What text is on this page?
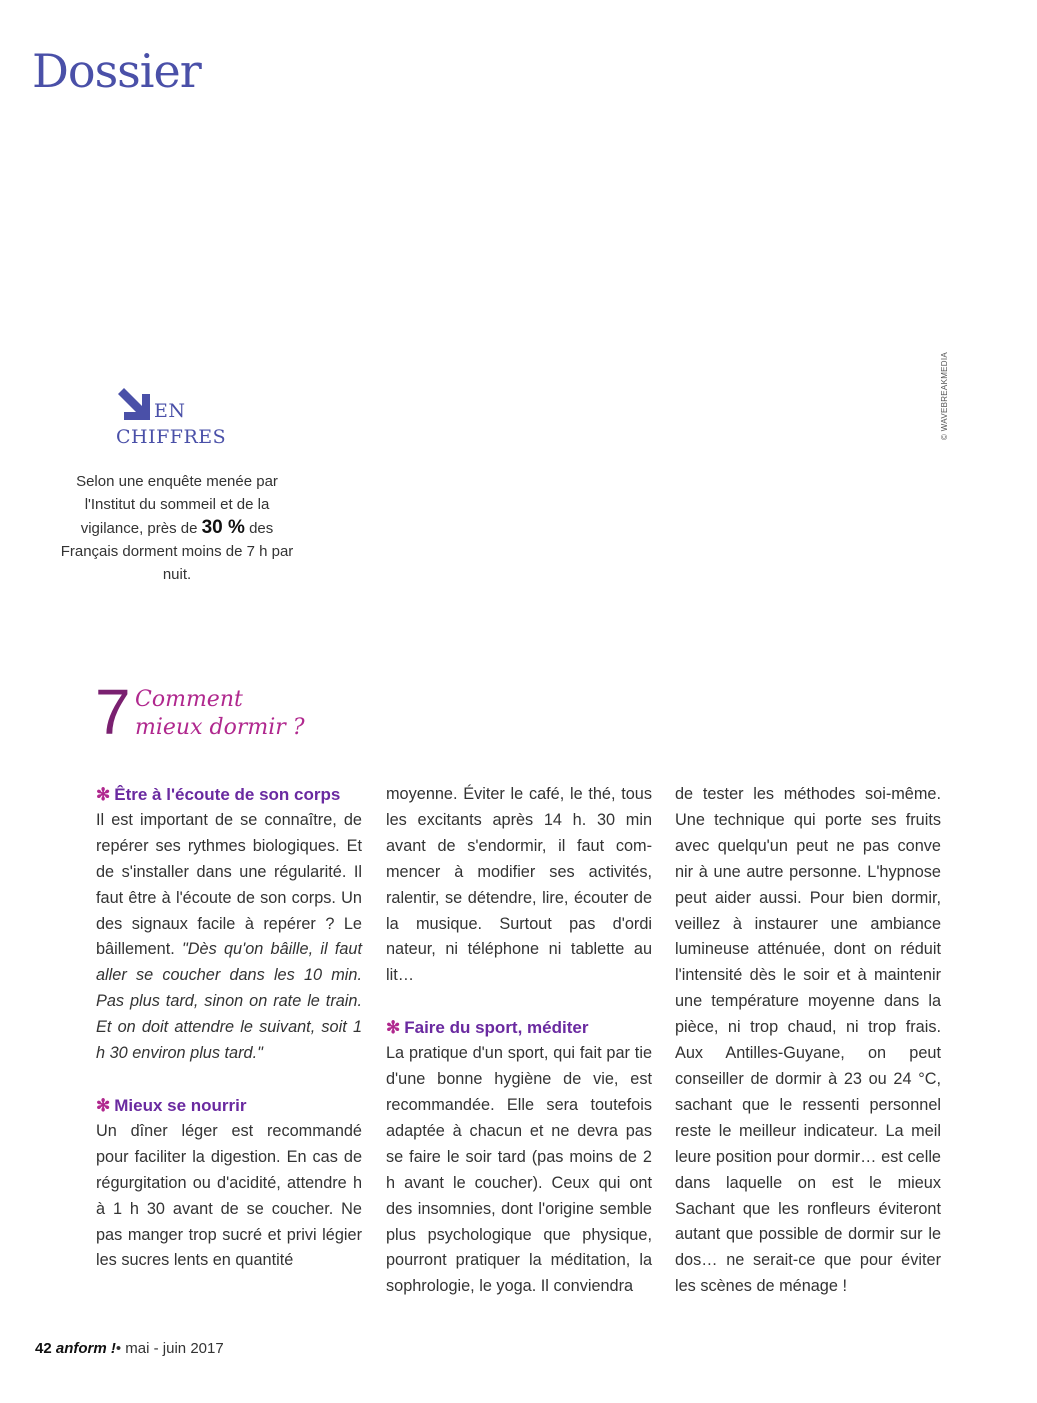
Dossier
© WAVEBREAKMEDIA
EN
CHIFFRES
Selon une enquête menée par l'Institut du sommeil et de la vigilance, près de 30 % des Français dorment moins de 7 h par nuit.
7 Comment
mieux dormir ?
✻ Être à l'écoute de son corps

Il est important de se connaître, de repérer ses rythmes biologiques. Et de s'installer dans une régularité. Il faut être à l'écoute de son corps. Un des signaux facile à repérer ? Le bâillement. "Dès qu'on bâille, il faut aller se coucher dans les 10 min. Pas plus tard, sinon on rate le train. Et on doit attendre le suivant, soit 1 h 30 environ plus tard."

✻ Mieux se nourrir

Un dîner léger est recommandé pour faciliter la digestion. En cas de régurgitation ou d'acidité, attendre h à 1 h 30 avant de se coucher. Ne pas manger trop sucré et privi légier les sucres lents en quantité

moyenne. Éviter le café, le thé, tous les excitants après 14 h. 30 min avant de s'endormir, il faut com- mencer à modifier ses activités, ralentir, se détendre, lire, écouter de la musique. Surtout pas d'ordi nateur, ni téléphone ni tablette au lit…

✻ Faire du sport, méditer

La pratique d'un sport, qui fait par tie d'une bonne hygiène de vie, est recommandée. Elle sera toutefois adaptée à chacun et ne devra pas se faire le soir tard (pas moins de 2 h avant le coucher). Ceux qui ont des insomnies, dont l'origine semble plus psychologique que physique, pourront pratiquer la méditation, la sophrologie, le yoga. Il conviendra

de tester les méthodes soi-même. Une technique qui porte ses fruits avec quelqu'un peut ne pas conve nir à une autre personne. L'hypnose peut aider aussi. Pour bien dormir, veillez à instaurer une ambiance lumineuse atténuée, dont on réduit l'intensité dès le soir et à maintenir une température moyenne dans la pièce, ni trop chaud, ni trop frais. Aux Antilles-Guyane, on peut conseiller de dormir à 23 ou 24 °C, sachant que le ressenti personnel reste le meilleur indicateur. La meil leure position pour dormir… est celle dans laquelle on est le mieux Sachant que les ronfleurs éviteront autant que possible de dormir sur le dos… ne serait-ce que pour éviter les scènes de ménage !

42 anform !• mai - juin 2017
